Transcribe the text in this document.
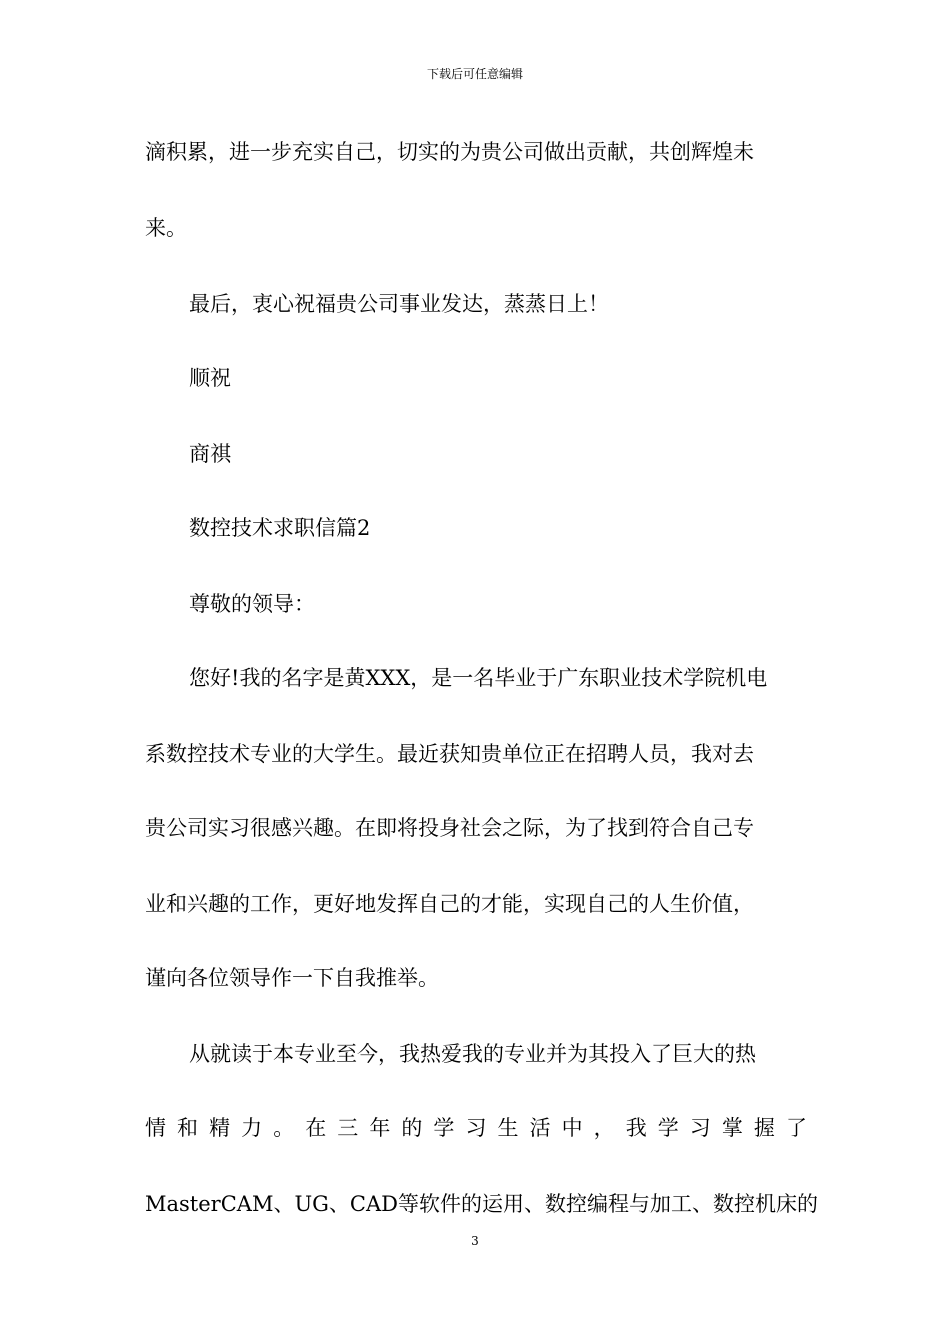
下载后可任意编辑
滴积累，进一步充实自己，切实的为贵公司做出贡献，共创辉煌未
来。
最后，衷心祝福贵公司事业发达，蒸蒸日上！
顺祝
商祺
数控技术求职信篇2
尊敬的领导：
您好!我的名字是黄XXX，是一名毕业于广东职业技术学院机电
系数控技术专业的大学生。最近获知贵单位正在招聘人员，我对去
贵公司实习很感兴趣。在即将投身社会之际，为了找到符合自己专
业和兴趣的工作，更好地发挥自己的才能，实现自己的人生价值，
谨向各位领导作一下自我推举。
从就读于本专业至今，我热爱我的专业并为其投入了巨大的热
情 和 精 力 。 在 三 年 的 学 习 生 活 中 ， 我 学 习 掌 握 了
MasterCAM、UG、CAD等软件的运用、数控编程与加工、数控机床的
3
